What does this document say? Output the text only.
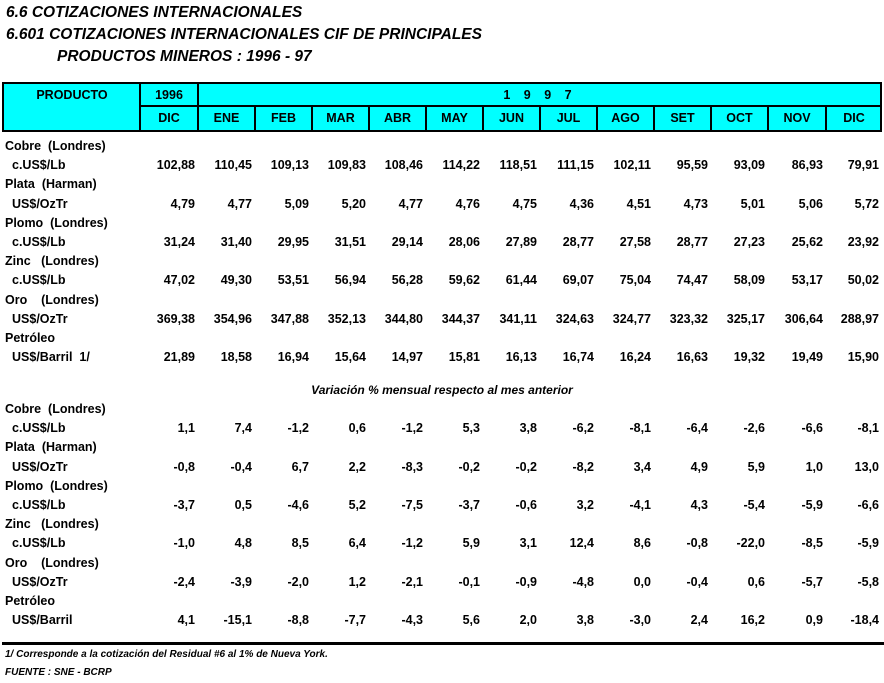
6.6 COTIZACIONES INTERNACIONALES
6.601 COTIZACIONES INTERNACIONALES CIF DE PRINCIPALES
PRODUCTOS MINEROS : 1996 - 97
PRODUCTO	1996	1 9 9 7
DIC	ENE	FEB	MAR	ABR	MAY	JUN	JUL	AGO	SET	OCT	NOV	DIC
Cobre  (Londres)
c.US$/Lb	102,88	110,45	109,13	109,83	108,46	114,22	118,51	111,15	102,11	95,59	93,09	86,93	79,91
Plata  (Harman)
US$/OzTr	4,79	4,77	5,09	5,20	4,77	4,76	4,75	4,36	4,51	4,73	5,01	5,06	5,72
Plomo  (Londres)
c.US$/Lb	31,24	31,40	29,95	31,51	29,14	28,06	27,89	28,77	27,58	28,77	27,23	25,62	23,92
Zinc   (Londres)
c.US$/Lb	47,02	49,30	53,51	56,94	56,28	59,62	61,44	69,07	75,04	74,47	58,09	53,17	50,02
Oro    (Londres)
US$/OzTr	369,38	354,96	347,88	352,13	344,80	344,37	341,11	324,63	324,77	323,32	325,17	306,64	288,97
Petróleo
US$/Barril  1/	21,89	18,58	16,94	15,64	14,97	15,81	16,13	16,74	16,24	16,63	19,32	19,49	15,90
Variación % mensual respecto al mes anterior
Cobre  (Londres)
c.US$/Lb	1,1	7,4	-1,2	0,6	-1,2	5,3	3,8	-6,2	-8,1	-6,4	-2,6	-6,6	-8,1
Plata  (Harman)
US$/OzTr	-0,8	-0,4	6,7	2,2	-8,3	-0,2	-0,2	-8,2	3,4	4,9	5,9	1,0	13,0
Plomo  (Londres)
c.US$/Lb	-3,7	0,5	-4,6	5,2	-7,5	-3,7	-0,6	3,2	-4,1	4,3	-5,4	-5,9	-6,6
Zinc   (Londres)
c.US$/Lb	-1,0	4,8	8,5	6,4	-1,2	5,9	3,1	12,4	8,6	-0,8	-22,0	-8,5	-5,9
Oro    (Londres)
US$/OzTr	-2,4	-3,9	-2,0	1,2	-2,1	-0,1	-0,9	-4,8	0,0	-0,4	0,6	-5,7	-5,8
Petróleo
US$/Barril	4,1	-15,1	-8,8	-7,7	-4,3	5,6	2,0	3,8	-3,0	2,4	16,2	0,9	-18,4
1/ Corresponde a la cotización del Residual #6 al 1% de Nueva York.
FUENTE : SNE - BCRP
